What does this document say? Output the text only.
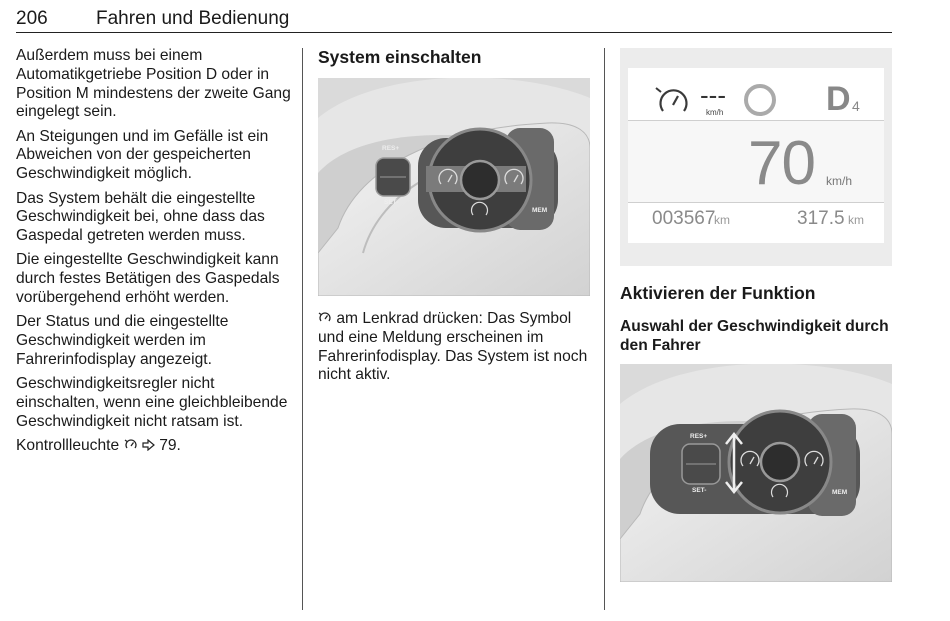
206	Fahren und Bedienung

Außerdem muss bei einem Automatikgetriebe Position D oder in Position M mindestens der zweite Gang eingelegt sein.

An Steigungen und im Gefälle ist ein Abweichen von der gespeicherten Geschwindigkeit möglich.

Das System behält die eingestellte Geschwindigkeit bei, ohne dass das Gaspedal getreten werden muss.

Die eingestellte Geschwindigkeit kann durch festes Betätigen des Gaspedals vorübergehend erhöht werden.

Der Status und die eingestellte Geschwindigkeit werden im Fahrerinfodisplay angezeigt.

Geschwindigkeitsregler nicht einschalten, wenn eine gleichbleibende Geschwindigkeit nicht ratsam ist.

Kontrollleuchte	79.

System einschalten
RES+
SET-
MEM
am Lenkrad drücken: Das Symbol und eine Meldung erscheinen im Fahrerinfodisplay. Das System ist noch nicht aktiv.
---
km/h	D 4
70 km/h
003567
km	317.5 km
Aktivieren der Funktion
Auswahl der Geschwindigkeit durch den Fahrer
RES+
SET-	MEM
